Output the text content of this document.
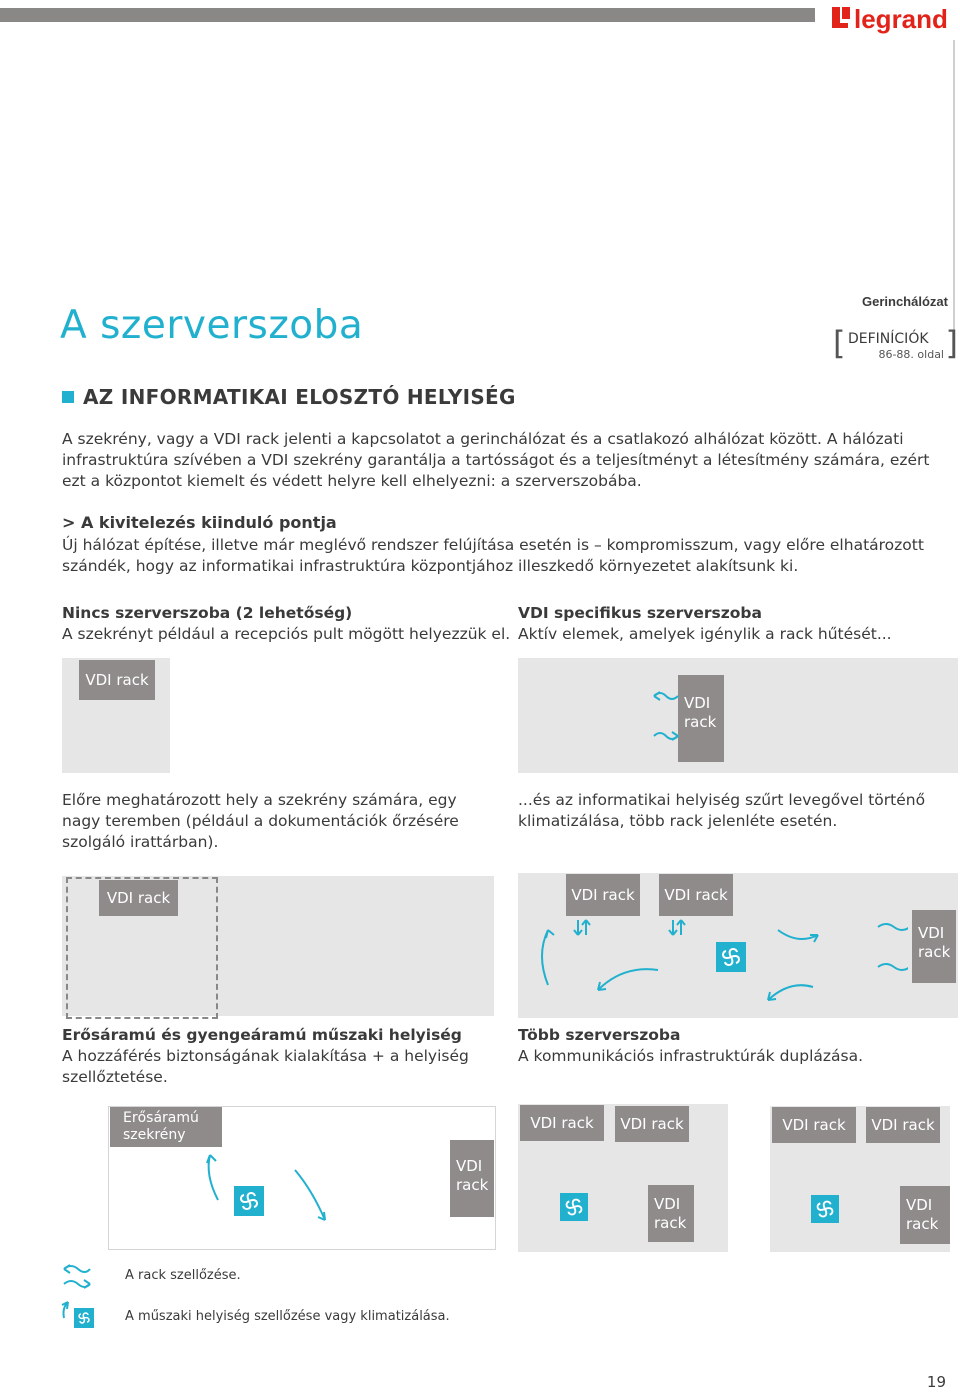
legrand
A szerverszoba
Gerinchálózat
[ DEFINÍCIÓK
86-88. oldal ]
AZ INFORMATIKAI ELOSZTÓ HELYISÉG
A szekrény, vagy a VDI rack jelenti a kapcsolatot a gerinchálózat és a csatlakozó alhálózat között. A hálózati infrastruktúra szívében a VDI szekrény garantálja a tartósságot és a teljesítményt a létesítmény számára, ezért ezt a központot kiemelt és védett helyre kell elhelyezni: a szerverszobába.
> A kivitelezés kiinduló pontja
Új hálózat építése, illetve már meglévő rendszer felújítása esetén is – kompromisszum, vagy előre elhatározott szándék, hogy az informatikai infrastruktúra központjához illeszkedő környezetet alakítsunk ki.
Nincs szerverszoba (2 lehetőség)
A szekrényt például a recepciós pult mögött helyezzük el.
VDI specifikus szerverszoba
Aktív elemek, amelyek igénylik a rack hűtését...
VDI rack
VDI
rack
Előre meghatározott hely a szekrény számára, egy nagy teremben (például a dokumentációk őrzésére szolgáló irattárban).
...és az informatikai helyiség szűrt levegővel történő klimatizálása, több rack jelenléte esetén.
VDI rack	VDI rack	VDI rack
VDI
rack
Erősáramú és gyengeáramú műszaki helyiség
A hozzáférés biztonságának kialakítása + a helyiség szellőztetése.
Több szerverszoba
A kommunikációs infrastruktúrák duplázása.
Erősáramú
szekrény
VDI
rack
VDI rack	VDI rack
VDI
rack
VDI rack	VDI rack
VDI
rack
A rack szellőzése.
A műszaki helyiség szellőzése vagy klimatizálása.
19
